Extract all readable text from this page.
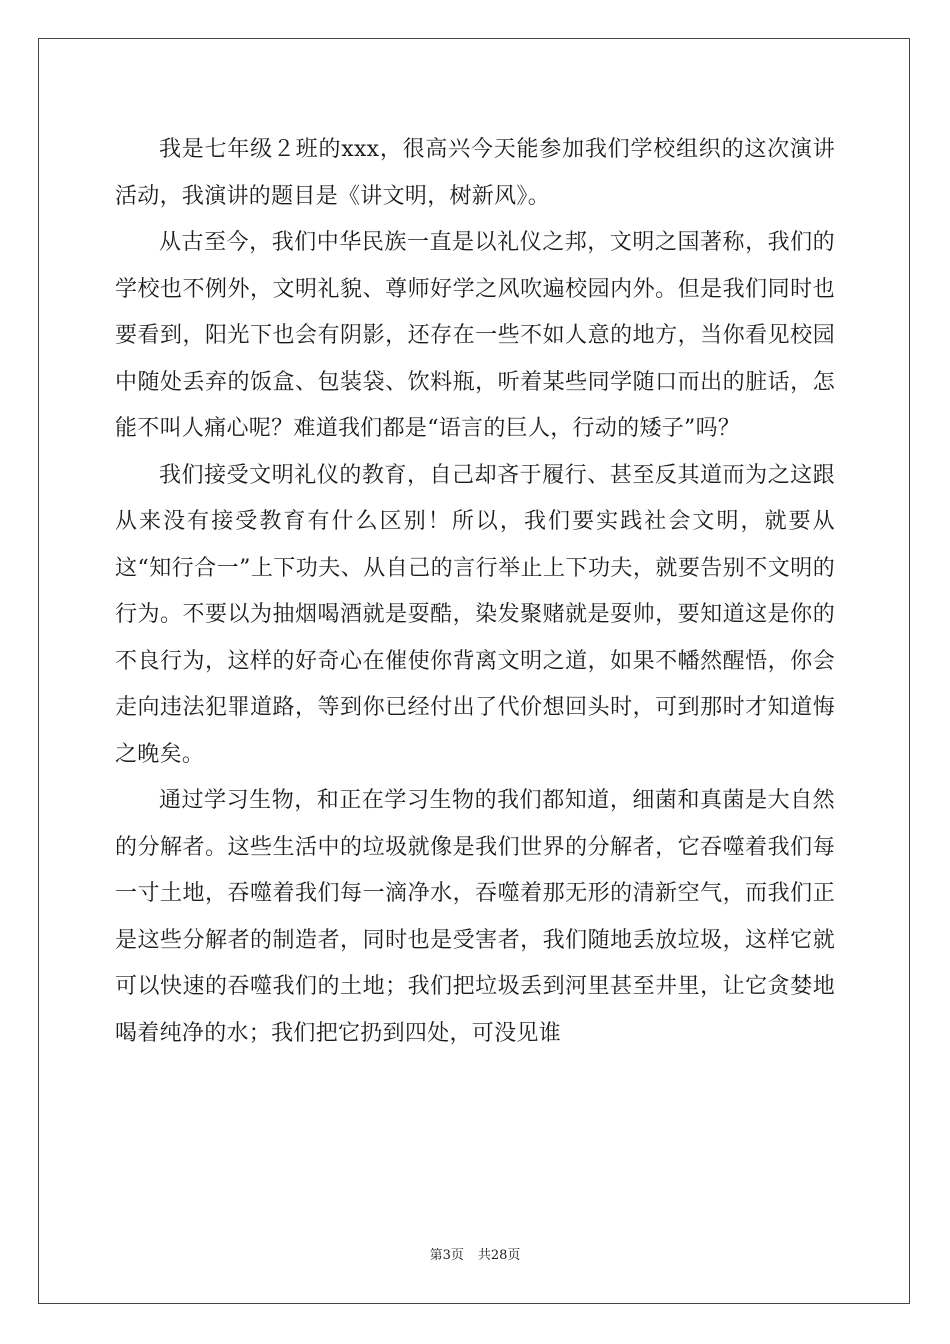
我是七年级２班的xxx，很高兴今天能参加我们学校组织的这次演讲活动，我演讲的题目是《讲文明，树新风》。

从古至今，我们中华民族一直是以礼仪之邦，文明之国著称，我们的学校也不例外，文明礼貌、尊师好学之风吹遍校园内外。但是我们同时也要看到，阳光下也会有阴影，还存在一些不如人意的地方，当你看见校园中随处丢弃的饭盒、包装袋、饮料瓶，听着某些同学随口而出的脏话，怎能不叫人痛心呢？难道我们都是“语言的巨人，行动的矮子”吗？

我们接受文明礼仪的教育，自己却吝于履行、甚至反其道而为之这跟从来没有接受教育有什么区别！所以，我们要实践社会文明，就要从这“知行合一”上下功夫、从自己的言行举止上下功夫，就要告别不文明的行为。不要以为抽烟喝酒就是耍酷，染发聚赌就是耍帅，要知道这是你的不良行为，这样的好奇心在催使你背离文明之道，如果不幡然醒悟，你会走向违法犯罪道路，等到你已经付出了代价想回头时，可到那时才知道悔之晚矣。

通过学习生物，和正在学习生物的我们都知道，细菌和真菌是大自然的分解者。这些生活中的垃圾就像是我们世界的分解者，它吞噬着我们每一寸土地，吞噬着我们每一滴净水，吞噬着那无形的清新空气，而我们正是这些分解者的制造者，同时也是受害者，我们随地丢放垃圾，这样它就可以快速的吞噬我们的土地；我们把垃圾丢到河里甚至井里，让它贪婪地喝着纯净的水；我们把它扔到四处，可没见谁

第3页 共28页
